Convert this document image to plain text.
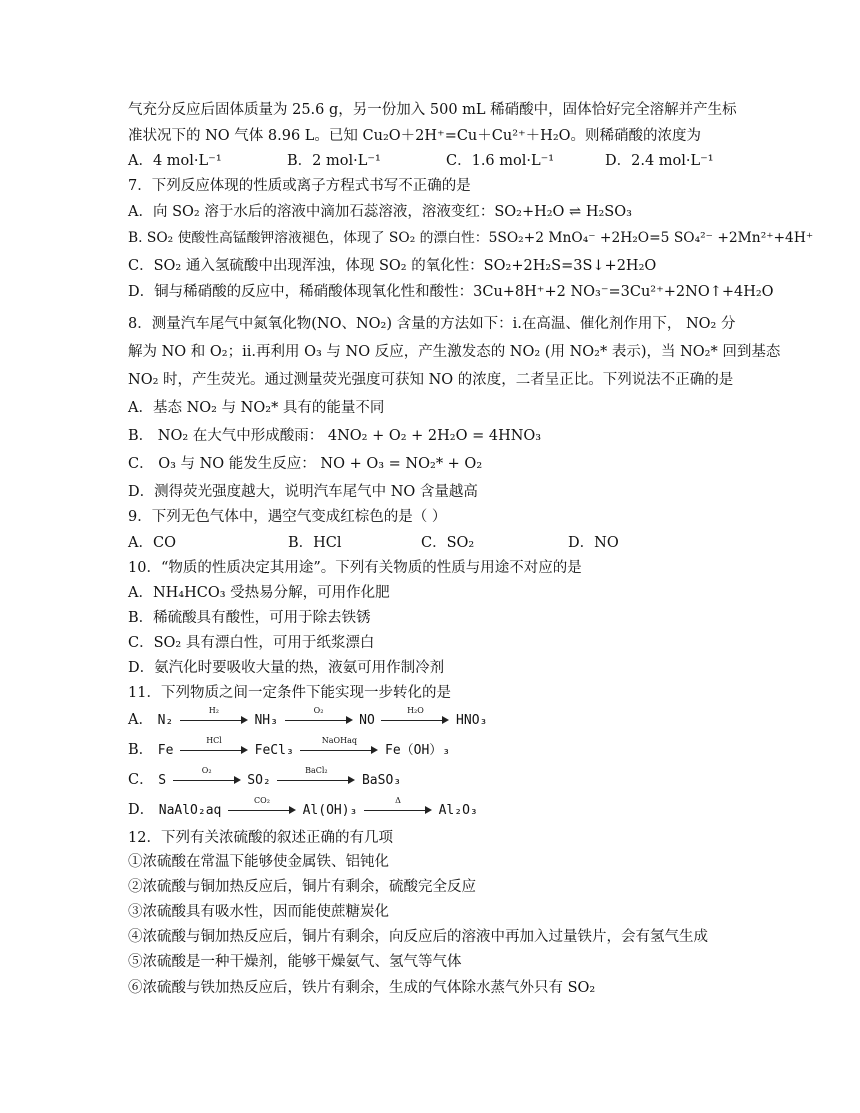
气充分反应后固体质量为 25.6 g，另一份加入 500 mL 稀硝酸中，固体恰好完全溶解并产生标
准状况下的 NO 气体 8.96 L。已知 Cu₂O＋2H⁺=Cu＋Cu²⁺＋H₂O。则稀硝酸的浓度为
A．4 mol·L⁻¹	B．2 mol·L⁻¹	C．1.6 mol·L⁻¹	D．2.4 mol·L⁻¹
7．下列反应体现的性质或离子方程式书写不正确的是
A．向 SO₂ 溶于水后的溶液中滴加石蕊溶液，溶液变红：SO₂+H₂O ⇌ H₂SO₃
B. SO₂ 使酸性高锰酸钾溶液褪色，体现了 SO₂ 的漂白性：5SO₂+2 MnO₄⁻ +2H₂O=5 SO₄²⁻ +2Mn²⁺+4H⁺
C．SO₂ 通入氢硫酸中出现浑浊，体现 SO₂ 的氧化性：SO₂+2H₂S=3S↓+2H₂O
D．铜与稀硝酸的反应中，稀硝酸体现氧化性和酸性：3Cu+8H⁺+2 NO₃⁻=3Cu²⁺+2NO↑+4H₂O
8．测量汽车尾气中氮氧化物(NO、NO₂) 含量的方法如下：i.在高温、催化剂作用下， NO₂ 分
解为 NO 和 O₂；ii.再利用 O₃ 与 NO 反应，产生激发态的 NO₂ (用 NO₂* 表示)，当 NO₂* 回到基态
NO₂ 时，产生荧光。通过测量荧光强度可获知 NO 的浓度，二者呈正比。下列说法不正确的是
A．基态 NO₂ 与 NO₂* 具有的能量不同
B． NO₂ 在大气中形成酸雨： 4NO₂ + O₂ + 2H₂O = 4HNO₃
C． O₃ 与 NO 能发生反应： NO + O₃ = NO₂* + O₂
D．测得荧光强度越大，说明汽车尾气中 NO 含量越高
9．下列无色气体中，遇空气变成红棕色的是（ ）
A．CO	B．HCl	C．SO₂	D．NO
10．“物质的性质决定其用途”。下列有关物质的性质与用途不对应的是
A．NH₄HCO₃ 受热易分解，可用作化肥
B．稀硫酸具有酸性，可用于除去铁锈
C．SO₂ 具有漂白性，可用于纸浆漂白
D．氨汽化时要吸收大量的热，液氨可用作制冷剂
11．下列物质之间一定条件下能实现一步转化的是
A． N₂
H₂
NH₃
O₂
NO
H₂O
HNO₃
B． Fe
HCl
FeCl₃
NaOHaq
Fe（OH）₃
C． S
O₂
SO₂
BaCl₂
BaSO₃
D． NaAlO₂aq
CO₂
Al(OH)₃
Δ
Al₂O₃
12．下列有关浓硫酸的叙述正确的有几项
①浓硫酸在常温下能够使金属铁、铝钝化
②浓硫酸与铜加热反应后，铜片有剩余，硫酸完全反应
③浓硫酸具有吸水性，因而能使蔗糖炭化
④浓硫酸与铜加热反应后，铜片有剩余，向反应后的溶液中再加入过量铁片，会有氢气生成
⑤浓硫酸是一种干燥剂，能够干燥氨气、氢气等气体
⑥浓硫酸与铁加热反应后，铁片有剩余，生成的气体除水蒸气外只有 SO₂
